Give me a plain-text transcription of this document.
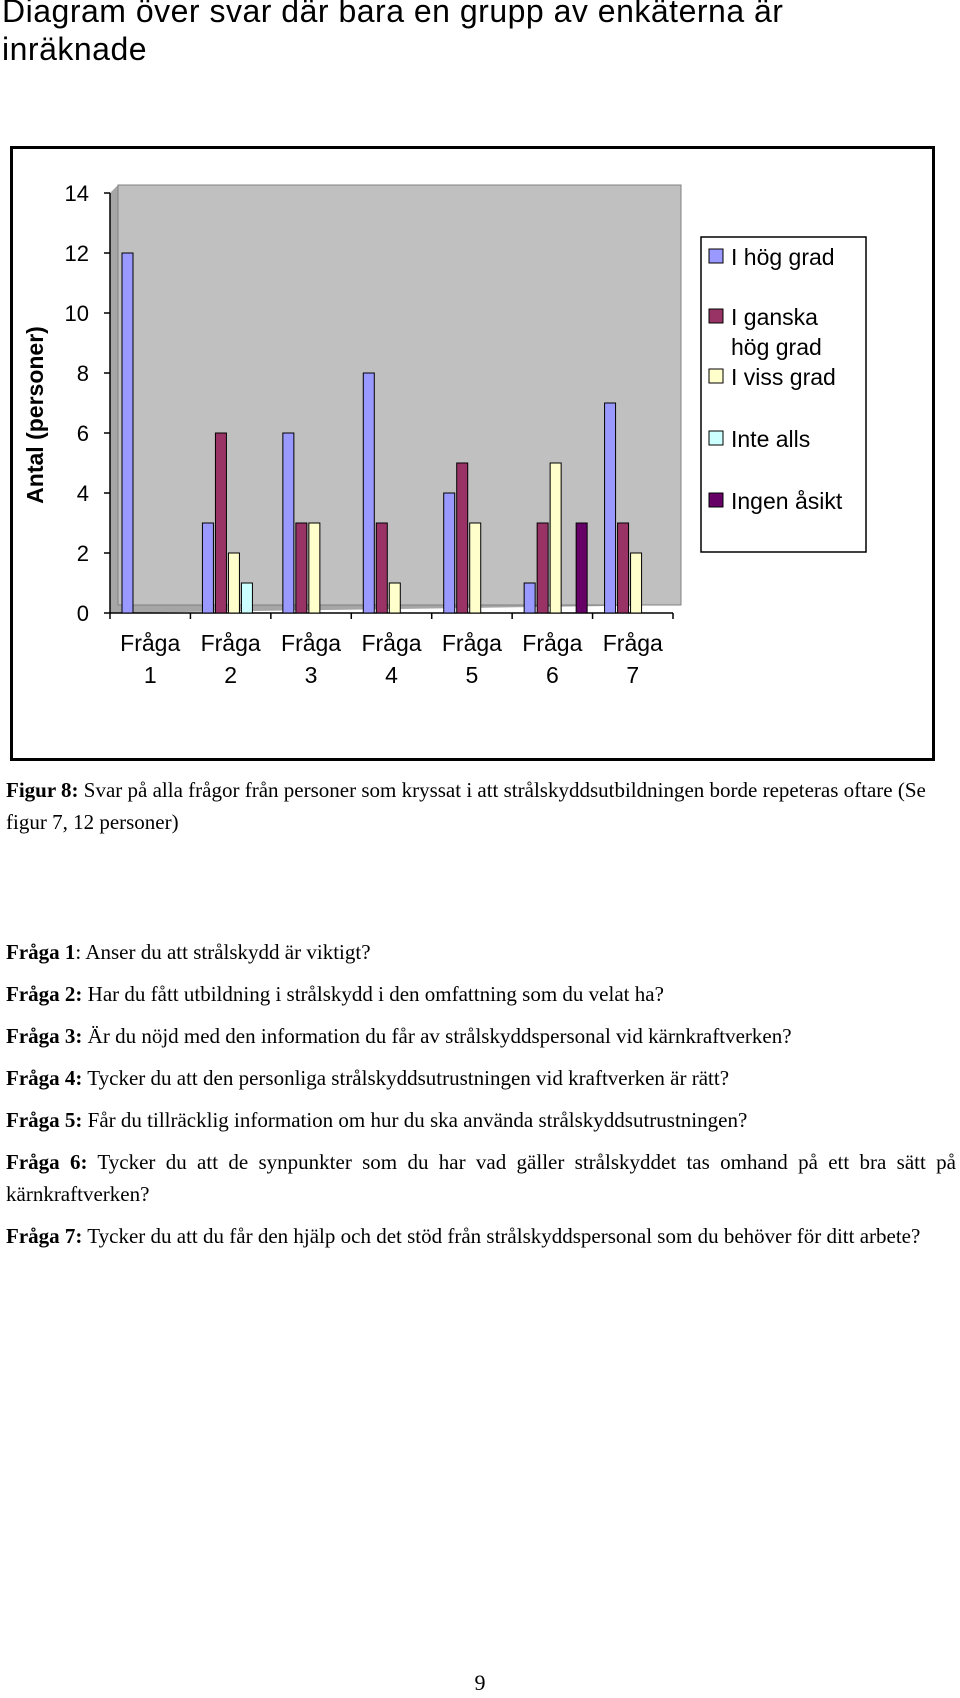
Diagram över svar där bara en grupp av enkäterna är inräknade
0
2
4
6
8
10
12
14
Antal (personer)
Fråga
1
Fråga
2
Fråga
3
Fråga
4
Fråga
5
Fråga
6
Fråga
7
I hög grad
I ganska
hög grad
I viss grad
Inte alls
Ingen åsikt
Figur 8: Svar på alla frågor från personer som kryssat i att strålskyddsutbildningen borde repeteras oftare (Se figur 7, 12 personer)

Fråga 1: Anser du att strålskydd är viktigt?

Fråga 2: Har du fått utbildning i strålskydd i den omfattning som du velat ha?

Fråga 3: Är du nöjd med den information du får av strålskyddspersonal vid kärnkraftverken?

Fråga 4: Tycker du att den personliga strålskyddsutrustningen vid kraftverken är rätt?

Fråga 5: Får du tillräcklig information om hur du ska använda strålskyddsutrustningen?

Fråga 6: Tycker du att de synpunkter som du har vad gäller strålskyddet tas omhand på ett bra sätt på kärnkraftverken?

Fråga 7: Tycker du att du får den hjälp och det stöd från strålskyddspersonal som du behöver för ditt arbete?

9
